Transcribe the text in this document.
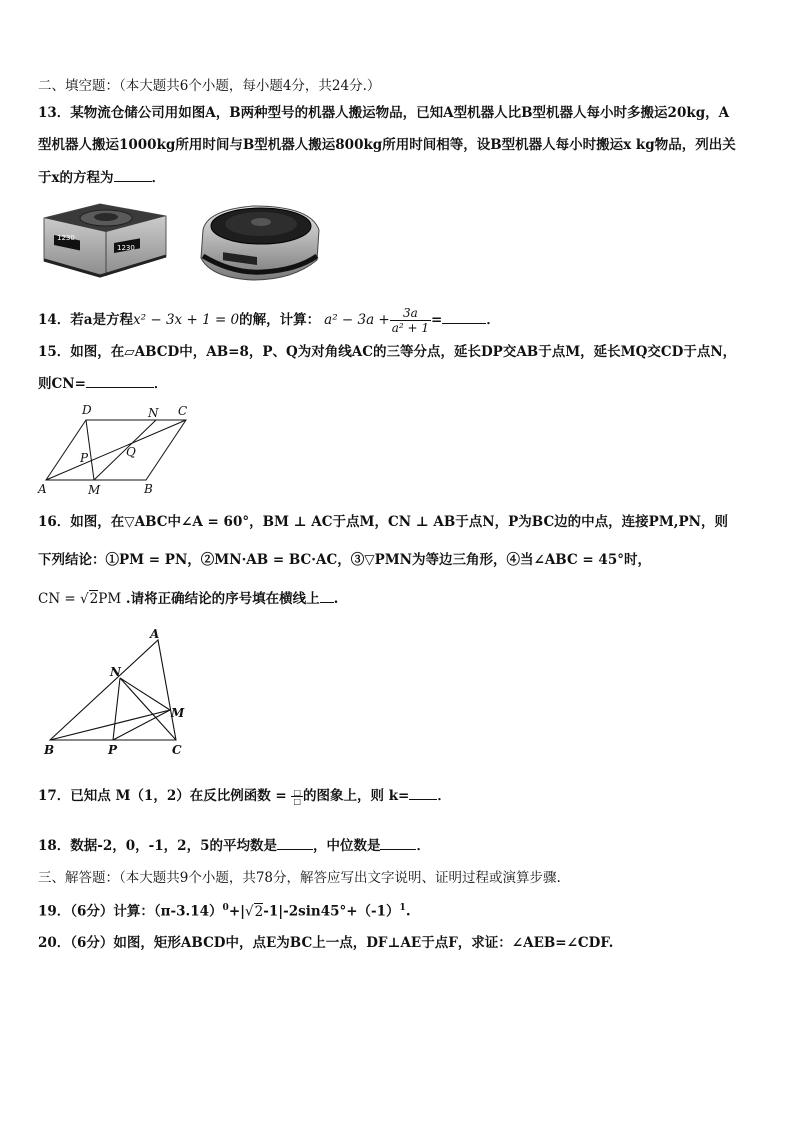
二、填空题：（本大题共6个小题，每小题4分，共24分.）
13．某物流仓储公司用如图A，B两种型号的机器人搬运物品，已知A型机器人比B型机器人每小时多搬运20kg，A
型机器人搬运1000kg所用时间与B型机器人搬运800kg所用时间相等，设B型机器人每小时搬运x kg物品，列出关
于x的方程为	．
1230
1230
14．若a是方程x² − 3x + 1 = 0的解，计算： $a^2 - 3a + \frac{3a}{\text{a² + 1}}$ =	．
15．如图，在▱ABCD中，AB=8，P、Q为对角线AC的三等分点，延长DP交AB于点M，延长MQ交CD于点N，
则CN=	．
D	N C
P	Q
A	M	B
16．如图，在▽ABC中∠A = 60°，BM ⊥ AC于点M，CN ⊥ AB于点N，P为BC边的中点，连接PM,PN，则
下列结论：①PM = PN，②MN·AB = BC·AC，③▽PMN为等边三角形，④当∠ABC = 45°时，
CN = √2PM .请将正确结论的序号填在横线上 .
A
N
M
B	P	C
17．已知点 M（1，2）在反比例函数 = $\frac{□}{□}$ 的图象上，则 k= ．
18．数据-2，0，-1，2，5的平均数是	，中位数是	．
三、解答题：（本大题共9个小题，共78分，解答应写出文字说明、证明过程或演算步骤.
19．（6分）计算：$(\pi-3.14)^0+|√2-1|-2\sin 45^\circ+(-1)^1$.
20．（6分）如图，矩形ABCD中，点E为BC上一点，DF⊥AE于点F，求证：∠AEB=∠CDF.
